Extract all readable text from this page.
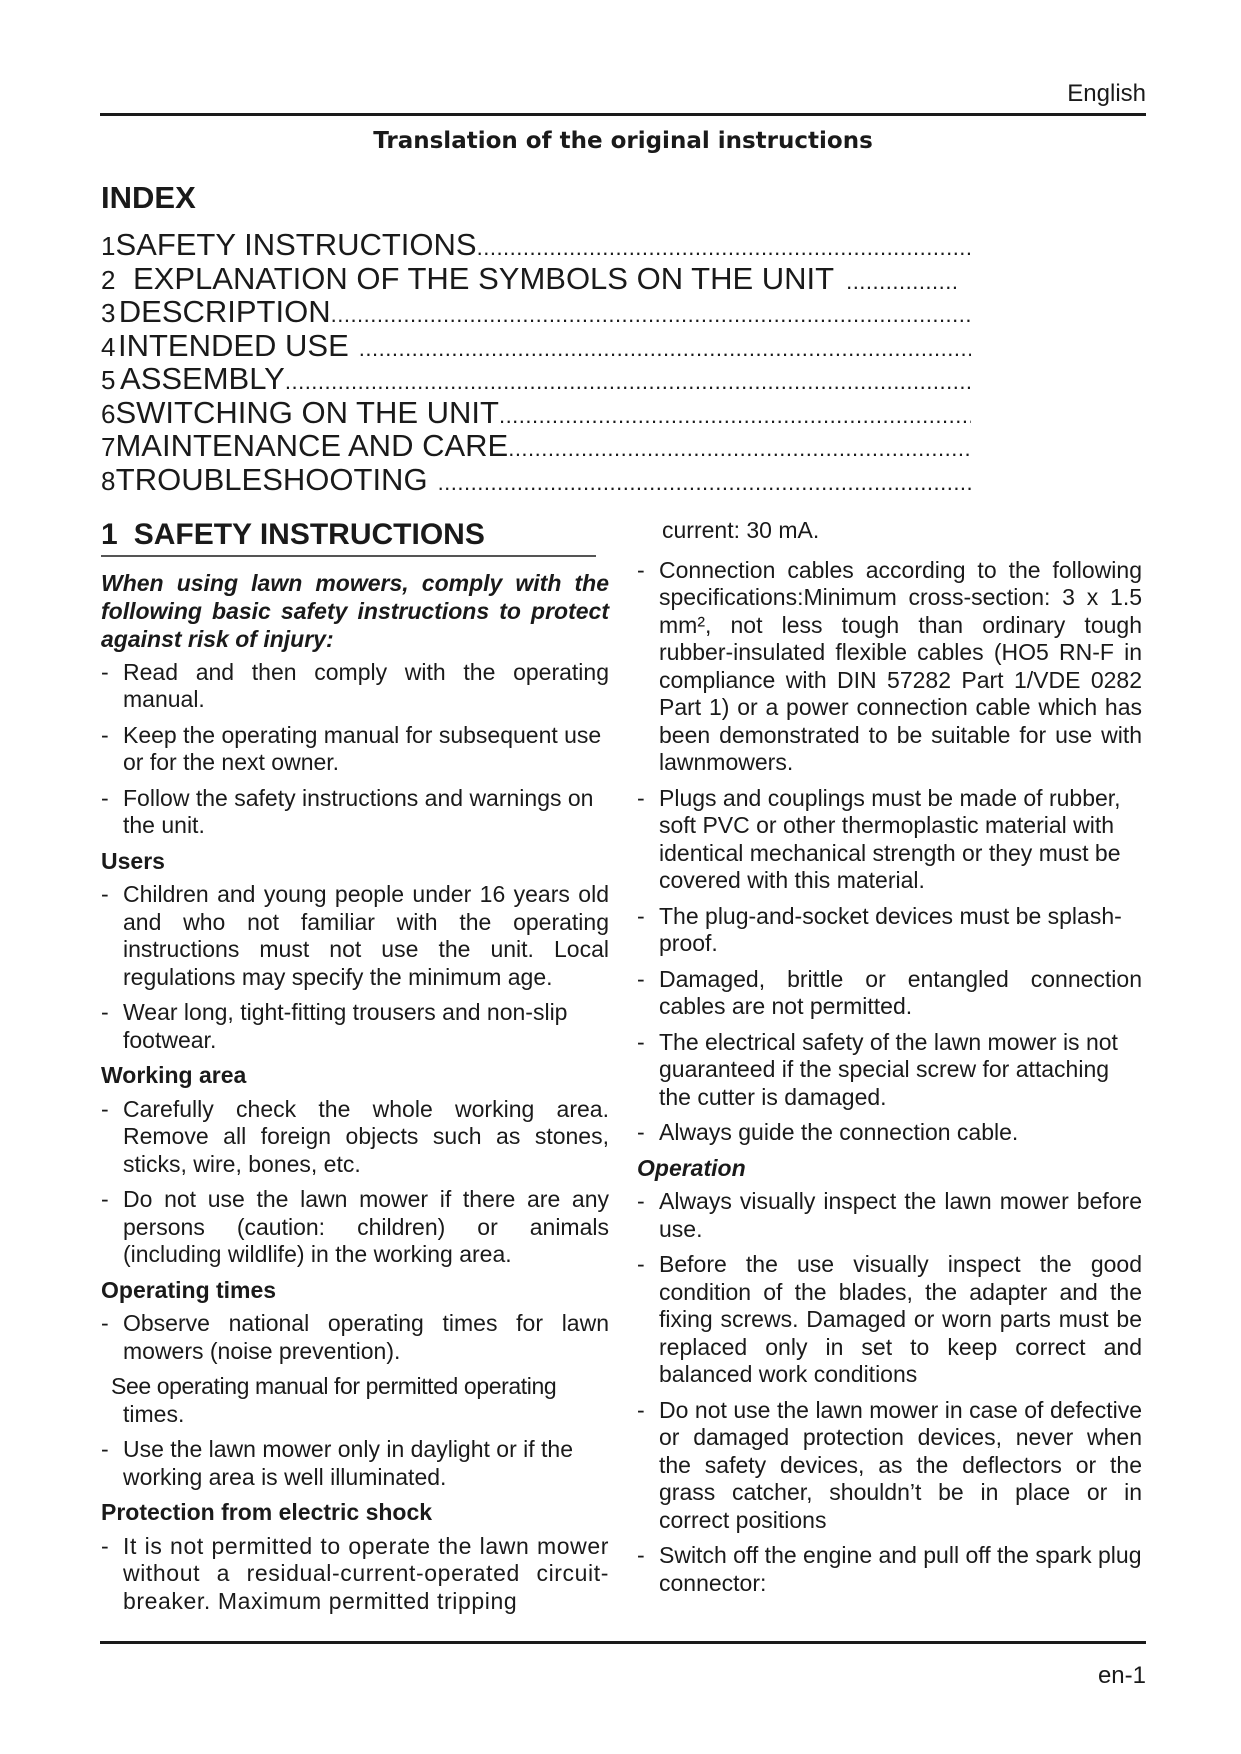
English
Translation of the original instructions
INDEX
1 SAFETY INSTRUCTIONS
.....
2 EXPLANATION OF THE SYMBOLS ON THE UNIT
.....
3 DESCRIPTION
.....
4 INTENDED USE
.....
5 ASSEMBLY
.....
6 SWITCHING ON THE UNIT
.....
7 MAINTENANCE AND CARE
.....
8 TROUBLESHOOTING
.....
1 SAFETY INSTRUCTIONS
When using lawn mowers, comply with the following basic safety instructions to protect against risk of injury:
- Read and then comply with the operating manual.
- Keep the operating manual for subsequent use or for the next owner.
- Follow the safety instructions and warnings on the unit.
Users
- Children and young people under 16 years old and who not familiar with the operating instructions must not use the unit. Local regulations may specify the minimum age.
- Wear long, tight-fitting trousers and non-slip footwear.
Working area
- Carefully check the whole working area. Remove all foreign objects such as stones, sticks, wire, bones, etc.
- Do not use the lawn mower if there are any persons (caution: children) or animals (including wildlife) in the working area.
Operating times
- Observe national operating times for lawn mowers (noise prevention).
See operating manual for permitted operating
times.
- Use the lawn mower only in daylight or if the working area is well illuminated.
Protection from electric shock
- It is not permitted to operate the lawn mower without a residual-current-operated circuit-breaker. Maximum permitted tripping
current: 30 mA.
- Connection cables according to the following specifications:Minimum cross-section: 3 x 1.5 mm², not less tough than ordinary tough rubber-insulated flexible cables (HO5 RN-F in compliance with DIN 57282 Part 1/VDE 0282 Part 1) or a power connection cable which has been demonstrated to be suitable for use with lawnmowers.
- Plugs and couplings must be made of rubber, soft PVC or other thermoplastic material with identical mechanical strength or they must be covered with this material.
- The plug-and-socket devices must be splash-proof.
- Damaged, brittle or entangled connection cables are not permitted.
- The electrical safety of the lawn mower is not guaranteed if the special screw for attaching the cutter is damaged.
- Always guide the connection cable.
Operation
- Always visually inspect the lawn mower before use.
- Before the use visually inspect the good condition of the blades, the adapter and the fixing screws. Damaged or worn parts must be replaced only in set to keep correct and balanced work conditions
- Do not use the lawn mower in case of defective or damaged protection devices, never when the safety devices, as the deflectors or the grass catcher, shouldn’t be in place or in correct positions
- Switch off the engine and pull off the spark plug connector:
en-1
